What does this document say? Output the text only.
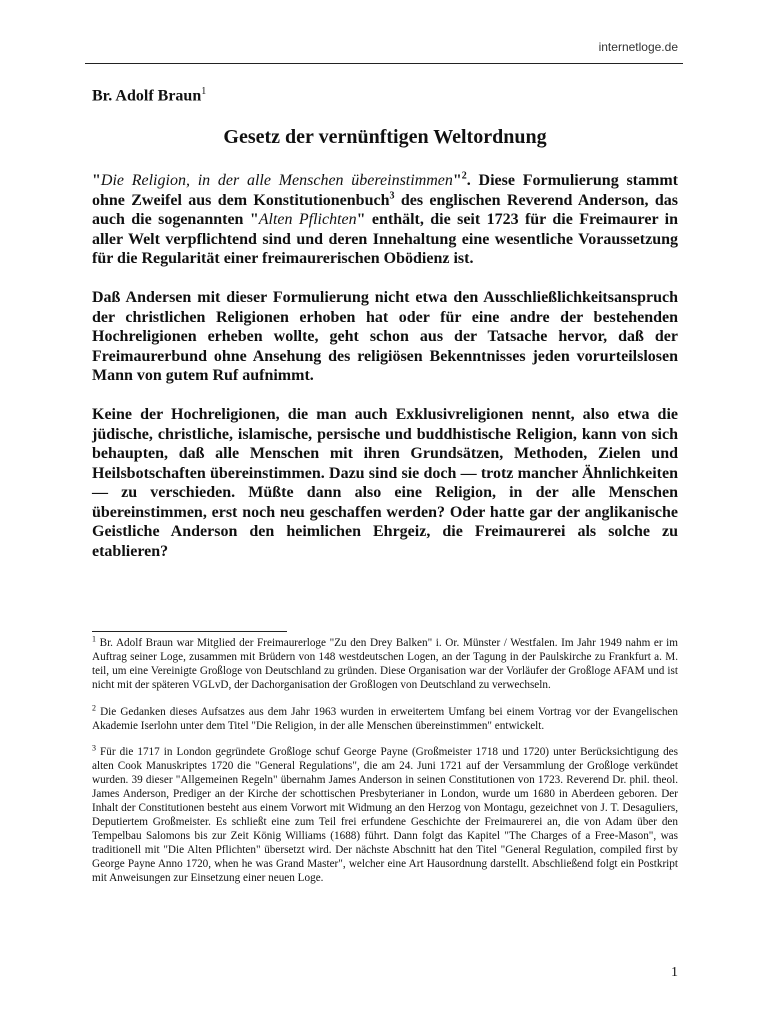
internetloge.de
Br. Adolf Braun$^1$
Gesetz der vernünftigen Weltordnung

"Die Religion, in der alle Menschen übereinstimmen"$^2$. Diese Formulierung stammt ohne Zweifel aus dem Konstitutionenbuch$^3$ des englischen Reverend Anderson, das auch die sogenannten "Alten Pflichten" enthält, die seit 1723 für die Freimaurer in aller Welt verpflichtend sind und deren Innehaltung eine wesentliche Voraussetzung für die Regularität einer freimaurerischen Obödienz ist.

Daß Andersen mit dieser Formulierung nicht etwa den Ausschließlichkeitsanspruch der christlichen Religionen erhoben hat oder für eine andre der bestehenden Hochreligionen erheben wollte, geht schon aus der Tatsache hervor, daß der Freimaurerbund ohne Ansehung des religiösen Bekenntnisses jeden vorurteilslosen Mann von gutem Ruf aufnimmt.

Keine der Hochreligionen, die man auch Exklusivreligionen nennt, also etwa die jüdische, christliche, islamische, persische und buddhistische Religion, kann von sich behaupten, daß alle Menschen mit ihren Grundsätzen, Methoden, Zielen und Heilsbotschaften übereinstimmen. Dazu sind sie doch — trotz mancher Ähnlichkeiten — zu verschieden. Müßte dann also eine Religion, in der alle Menschen übereinstimmen, erst noch neu geschaffen werden? Oder hatte gar der anglikanische Geistliche Anderson den heimlichen Ehrgeiz, die Freimaurerei als solche zu etablieren?

$^1$ Br. Adolf Braun war Mitglied der Freimaurerloge "Zu den Drey Balken" i. Or. Münster / Westfalen. Im Jahr 1949 nahm er im Auftrag seiner Loge, zusammen mit Brüdern von 148 westdeutschen Logen, an der Tagung in der Paulskirche zu Frankfurt a. M. teil, um eine Vereinigte Großloge von Deutschland zu gründen. Diese Organisation war der Vorläufer der Großloge AFAM und ist nicht mit der späteren VGLvD, der Dachorganisation der Großlogen von Deutschland zu verwechseln.

$^2$ Die Gedanken dieses Aufsatzes aus dem Jahr 1963 wurden in erweitertem Umfang bei einem Vortrag vor der Evangelischen Akademie Iserlohn unter dem Titel "Die Religion, in der alle Menschen übereinstimmen" entwickelt.

$^3$ Für die 1717 in London gegründete Großloge schuf George Payne (Großmeister 1718 und 1720) unter Berücksichtigung des alten Cook Manuskriptes 1720 die "General Regulations", die am 24. Juni 1721 auf der Versammlung der Großloge verkündet wurden. 39 dieser "Allgemeinen Regeln" übernahm James Anderson in seinen Constitutionen von 1723. Reverend Dr. phil. theol. James Anderson, Prediger an der Kirche der schottischen Presbyterianer in London, wurde um 1680 in Aberdeen geboren. Der Inhalt der Constitutionen besteht aus einem Vorwort mit Widmung an den Herzog von Montagu, gezeichnet von J. T. Desaguliers, Deputiertem Großmeister. Es schließt eine zum Teil frei erfundene Geschichte der Freimaurerei an, die von Adam über den Tempelbau Salomons bis zur Zeit König Williams (1688) führt. Dann folgt das Kapitel "The Charges of a Free-Mason", was traditionell mit "Die Alten Pflichten" übersetzt wird. Der nächste Abschnitt hat den Titel "General Regulation, compiled first by George Payne Anno 1720, when he was Grand Master", welcher eine Art Hausordnung darstellt. Abschließend folgt ein Postkript mit Anweisungen zur Einsetzung einer neuen Loge.

1
